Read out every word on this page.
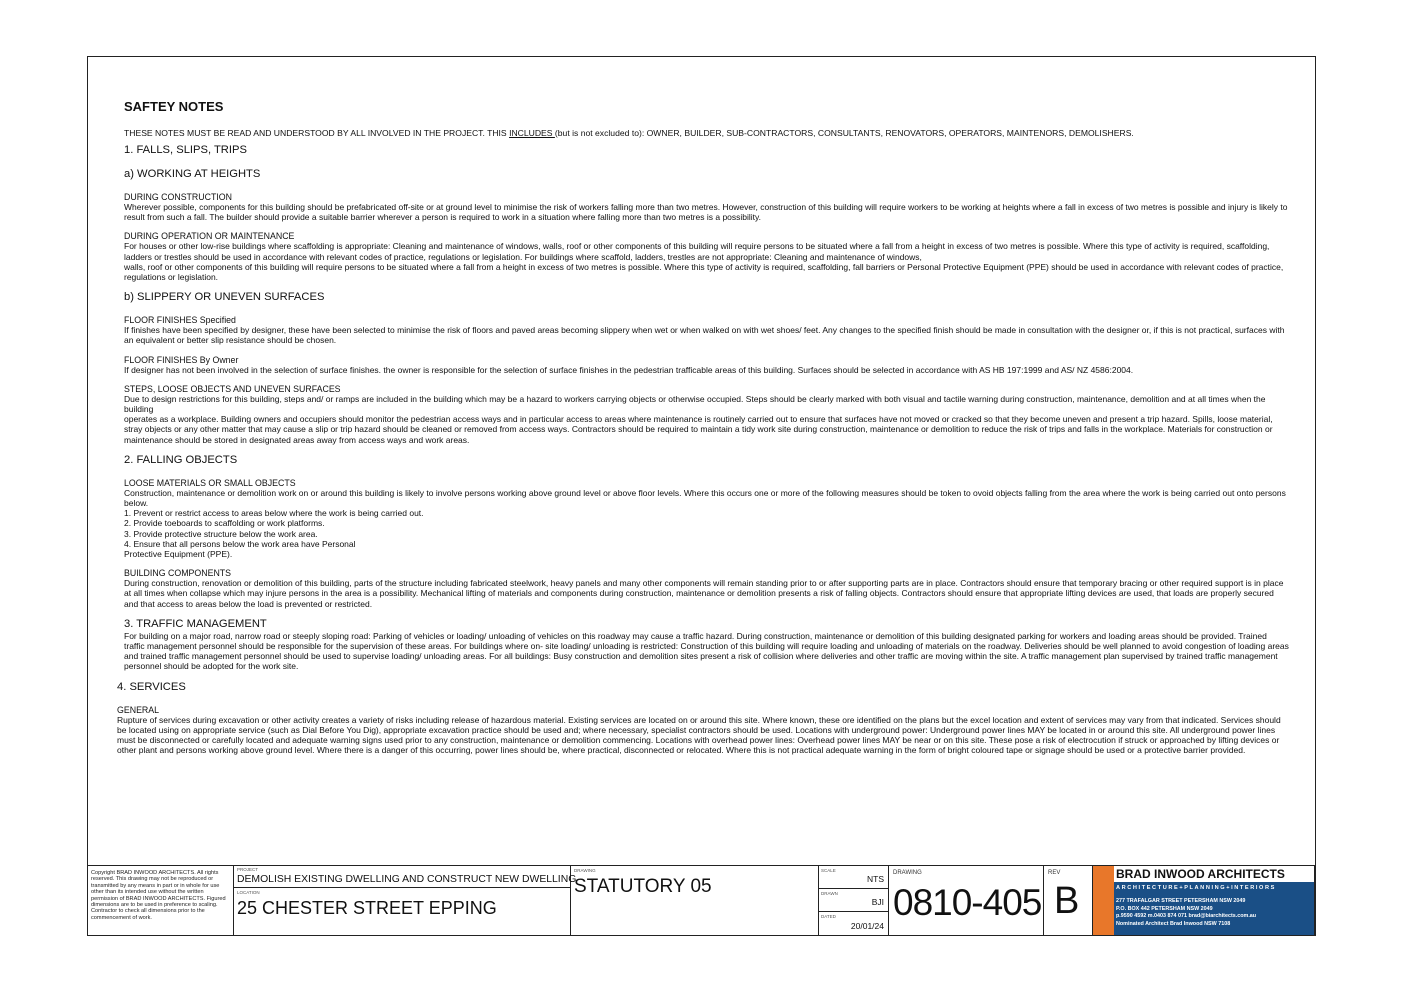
SAFTEY NOTES
THESE NOTES MUST BE READ AND UNDERSTOOD BY ALL INVOLVED IN THE PROJECT. THIS INCLUDES (but is not excluded to): OWNER, BUILDER, SUB-CONTRACTORS, CONSULTANTS, RENOVATORS, OPERATORS, MAINTENORS, DEMOLISHERS.
1. FALLS, SLIPS, TRIPS
a) WORKING AT HEIGHTS
DURING CONSTRUCTION
Wherever possible, components for this building should be prefabricated off-site or at ground level to minimise the risk of workers falling more than two metres. However, construction of this building will require workers to be working at heights where a fall in excess of two metres is possible and injury is likely to result from such a fall. The builder should provide a suitable barrier wherever a person is required to work in a situation where falling more than two metres is a possibility.
DURING OPERATION OR MAINTENANCE
For houses or other low-rise buildings where scaffolding is appropriate: Cleaning and maintenance of windows, walls, roof or other components of this building will require persons to be situated where a fall from a height in excess of two metres is possible. Where this type of activity is required, scaffolding, ladders or trestles should be used in accordance with relevant codes of practice, regulations or legislation. For buildings where scaffold, ladders, trestles are not appropriate: Cleaning and maintenance of windows,
walls, roof or other components of this building will require persons to be situated where a fall from a height in excess of two metres is possible. Where this type of activity is required, scaffolding, fall barriers or Personal Protective Equipment (PPE) should be used in accordance with relevant codes of practice, regulations or legislation.
b) SLIPPERY OR UNEVEN SURFACES
FLOOR FINISHES Specified
If finishes have been specified by designer, these have been selected to minimise the risk of floors and paved areas becoming slippery when wet or when walked on with wet shoes/ feet. Any changes to the specified finish should be made in consultation with the designer or, if this is not practical, surfaces with an equivalent or better slip resistance should be chosen.
FLOOR FINISHES By Owner
If designer has not been involved in the selection of surface finishes. the owner is responsible for the selection of surface finishes in the pedestrian trafficable areas of this building. Surfaces should be selected in accordance with AS HB 197:1999 and AS/ NZ 4586:2004.
STEPS, LOOSE OBJECTS AND UNEVEN SURFACES
Due to design restrictions for this building, steps and/ or ramps are included in the building which may be a hazard to workers carrying objects or otherwise occupied. Steps should be clearly marked with both visual and tactile warning during construction, maintenance, demolition and at all times when the building
operates as a workplace. Building owners and occupiers should monitor the pedestrian access ways and in particular access to areas where maintenance is routinely carried out to ensure that surfaces have not moved or cracked so that they become uneven and present a trip hazard. Spills, loose material, stray objects or any other matter that may cause a slip or trip hazard should be cleaned or removed from access ways. Contractors should be required to maintain a tidy work site during construction, maintenance or demolition to reduce the risk of trips and falls in the workplace. Materials for construction or maintenance should be stored in designated areas away from access ways and work areas.
2. FALLING OBJECTS
LOOSE MATERIALS OR SMALL OBJECTS
Construction, maintenance or demolition work on or around this building is likely to involve persons working above ground level or above floor levels. Where this occurs one or more of the following measures should be token to ovoid objects falling from the area where the work is being carried out onto persons below.
1. Prevent or restrict access to areas below where the work is being carried out.
2. Provide toeboards to scaffolding or work platforms.
3. Provide protective structure below the work area.
4. Ensure that all persons below the work area have Personal
Protective Equipment (PPE).
BUILDING COMPONENTS
During construction, renovation or demolition of this building, parts of the structure including fabricated steelwork, heavy panels and many other components will remain standing prior to or after supporting parts are in place. Contractors should ensure that temporary bracing or other required support is in place at all times when collapse which may injure persons in the area is a possibility. Mechanical lifting of materials and components during construction, maintenance or demolition presents a risk of falling objects. Contractors should ensure that appropriate lifting devices are used, that loads are properly secured and that access to areas below the load is prevented or restricted.
3. TRAFFIC MANAGEMENT
For building on a major road, narrow road or steeply sloping road: Parking of vehicles or loading/ unloading of vehicles on this roadway may cause a traffic hazard. During construction, maintenance or demolition of this building designated parking for workers and loading areas should be provided. Trained traffic management personnel should be responsible for the supervision of these areas. For buildings where on- site loading/ unloading is restricted: Construction of this building will require loading and unloading of materials on the roadway. Deliveries should be well planned to avoid congestion of loading areas and trained traffic management personnel should be used to supervise loading/ unloading areas. For all buildings: Busy construction and demolition sites present a risk of collision where deliveries and other traffic are moving within the site. A traffic management plan supervised by trained traffic management personnel should be adopted for the work site.
4. SERVICES
GENERAL
Rupture of services during excavation or other activity creates a variety of risks including release of hazardous material. Existing services are located on or around this site. Where known, these ore identified on the plans but the excel location and extent of services may vary from that indicated. Services should be located using on appropriate service (such as Dial Before You Dig), appropriate excavation practice should be used and; where necessary, specialist contractors should be used. Locations with underground power: Underground power lines MAY be located in or around this site. All underground power lines must be disconnected or carefully located and adequate warning signs used prior to any construction, maintenance or demolition commencing. Locations with overhead power lines: Overhead power lines MAY be near or on this site. These pose a risk of electrocution if struck or approached by lifting devices or other plant and persons working above ground level. Where there is a danger of this occurring, power lines should be, where practical, disconnected or relocated. Where this is not practical adequate warning in the form of bright coloured tape or signage should be used or a protective barrier provided.
Copyright BRAD INWOOD ARCHITECTS. All rights reserved. This drawing may not be reproduced or transmitted by any means in part or in whole for use other than its intended use without the written permission of BRAD INWOOD ARCHITECTS. Figured dimensions are to be used in preference to scaling. Contractor to check all dimensions prior to the commencement of work.
PROJECT
DEMOLISH EXISTING DWELLING AND CONSTRUCT NEW DWELLING
LOCATION
25 CHESTER STREET EPPING
DRAWING
STATUTORY 05
SCALE
NTS
DRAWN
BJI
DATED
20/01/24
DRAWING
0810-405
REV
B
BRAD INWOOD ARCHITECTS
ARCHITECTURE+PLANNING+INTERIORS
277 TRAFALGAR STREET PETERSHAM NSW 2049
P.O. BOX 442 PETERSHAM NSW 2049
p.9590 4592 m.0403 874 071 brad@biarchitects.com.au
Nominated Architect Brad Inwood NSW 7108
